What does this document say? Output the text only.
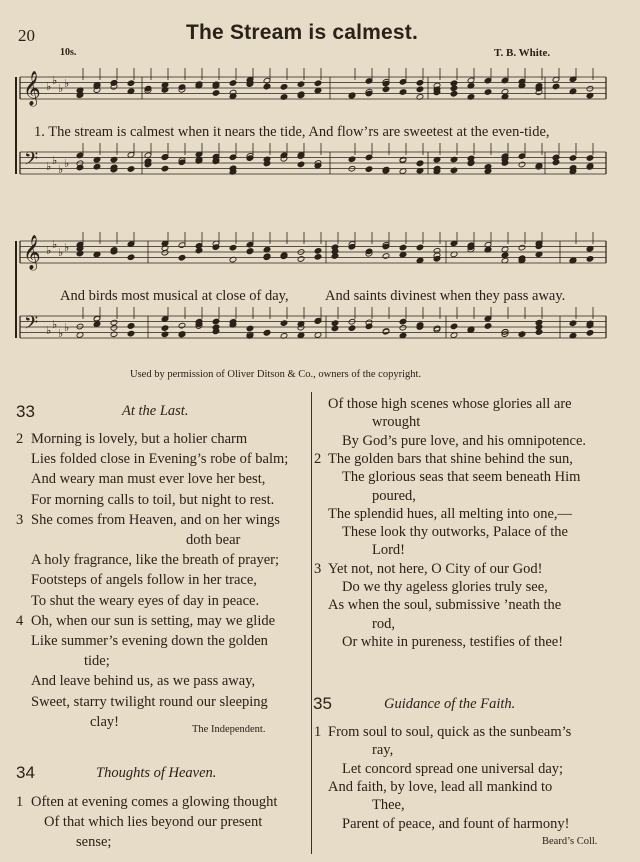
20	The Stream is calmest.
10s.	T. B. White.
𝄞
𝄢
♭ ♭
♭ ♭
♭ ♭
♭ ♭
1. The stream is calmest when it nears the tide, And flow’rs are sweetest at the even-tide,
𝄞
𝄢
♭ ♭
♭ ♭
♭ ♭
♭ ♭
And birds most musical at close of day,	And saints divinest when they pass away.
Used by permission of Oliver Ditson & Co., owners of the copyright.
33	At the Last.
2 Morning is lovely, but a holier charm
Lies folded close in Evening’s robe of balm;
And weary man must ever love her best,
For morning calls to toil, but night to rest.
3 She comes from Heaven, and on her wings
doth bear
A holy fragrance, like the breath of prayer;
Footsteps of angels follow in her trace,
To shut the weary eyes of day in peace.
4 Oh, when our sun is setting, may we glide
Like summer’s evening down the golden
tide;
And leave behind us, as we pass away,
Sweet, starry twilight round our sleeping
clay!	The Independent.
34	Thoughts of Heaven.
1 Often at evening comes a glowing thought
Of that which lies beyond our present
sense;
Of those high scenes whose glories all are
wrought
By God’s pure love, and his omnipotence.
2 The golden bars that shine behind the sun,
The glorious seas that seem beneath Him
poured,
The splendid hues, all melting into one,—
These look thy outworks, Palace of the
Lord!
3 Yet not, not here, O City of our God!
Do we thy ageless glories truly see,
As when the soul, submissive ’neath the
rod,
Or white in pureness, testifies of thee!
35	Guidance of the Faith.
1 From soul to soul, quick as the sunbeam’s
ray,
Let concord spread one universal day;
And faith, by love, lead all mankind to
Thee,
Parent of peace, and fount of harmony!
Beard’s Coll.
